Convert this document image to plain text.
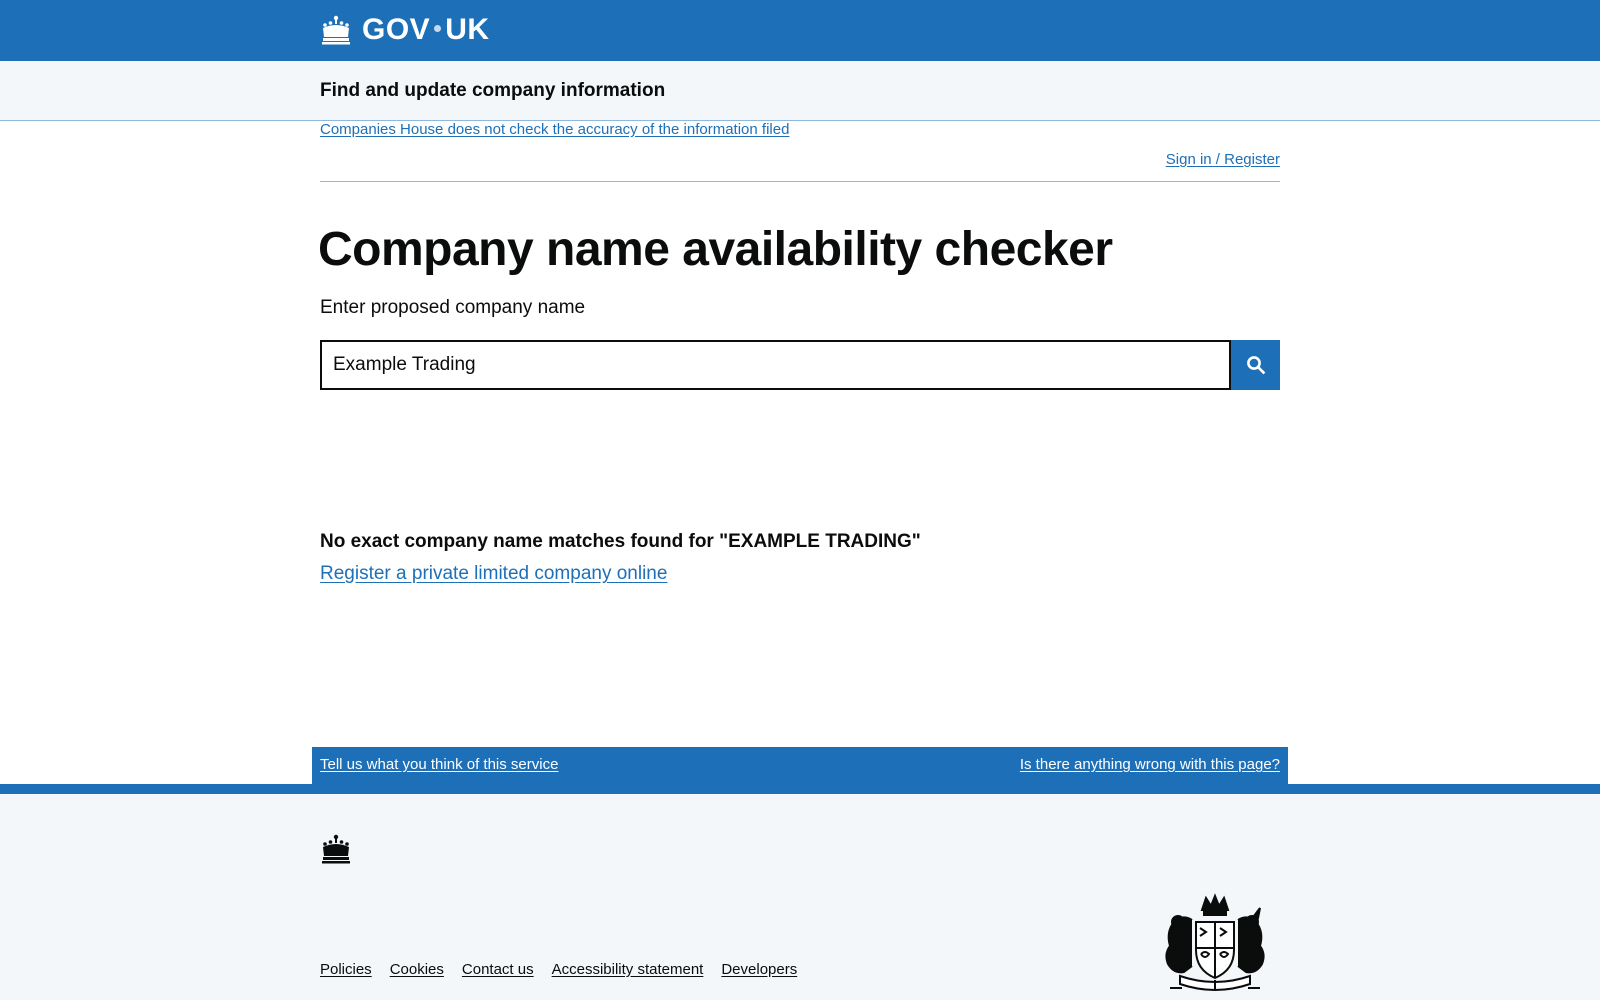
GOV UK
Find and update company information
Companies House does not check the accuracy of the information filed
Sign in / Register
Company name availability checker
Enter proposed company name
Example Trading

No exact company name matches found for "EXAMPLE TRADING"

Register a private limited company online
Tell us what you think of this service	Is there anything wrong with this page?
Policies Cookies Contact us Accessibility statement Developers
